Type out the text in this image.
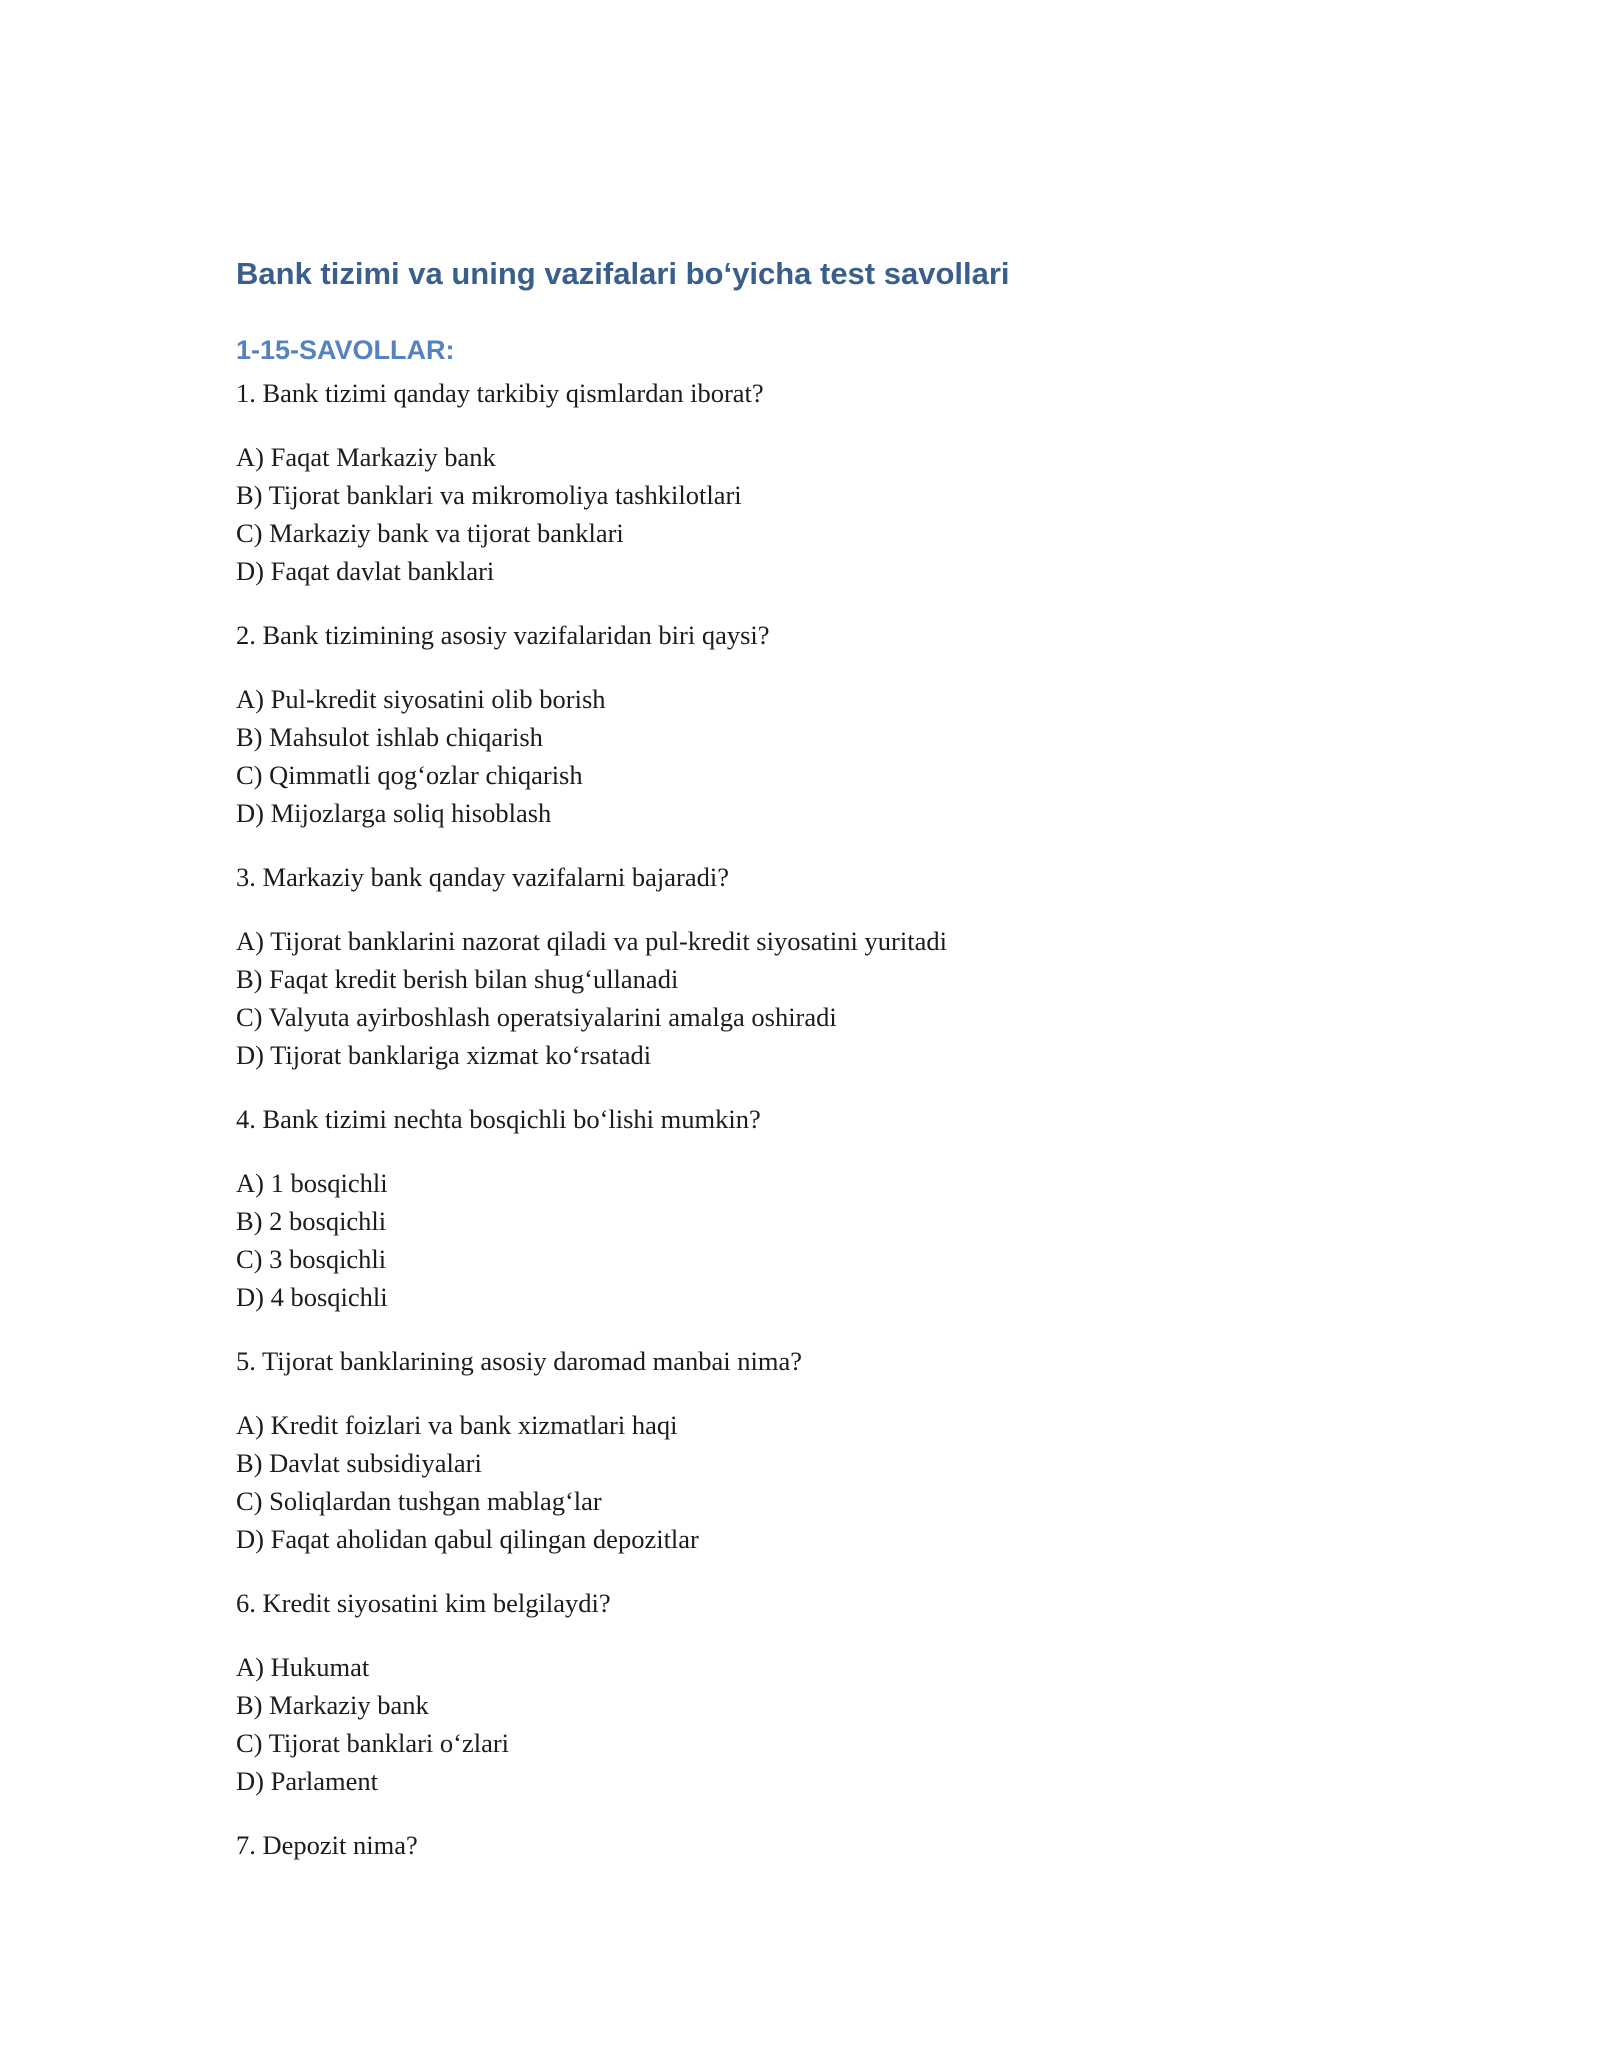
Bank tizimi va uning vazifalari bo‘yicha test savollari
1-15-SAVOLLAR:

1. Bank tizimi qanday tarkibiy qismlardan iborat?

A) Faqat Markaziy bank
B) Tijorat banklari va mikromoliya tashkilotlari
C) Markaziy bank va tijorat banklari
D) Faqat davlat banklari

2. Bank tizimining asosiy vazifalaridan biri qaysi?

A) Pul-kredit siyosatini olib borish
B) Mahsulot ishlab chiqarish
C) Qimmatli qog‘ozlar chiqarish
D) Mijozlarga soliq hisoblash

3. Markaziy bank qanday vazifalarni bajaradi?

A) Tijorat banklarini nazorat qiladi va pul-kredit siyosatini yuritadi
B) Faqat kredit berish bilan shug‘ullanadi
C) Valyuta ayirboshlash operatsiyalarini amalga oshiradi
D) Tijorat banklariga xizmat ko‘rsatadi

4. Bank tizimi nechta bosqichli bo‘lishi mumkin?

A) 1 bosqichli
B) 2 bosqichli
C) 3 bosqichli
D) 4 bosqichli

5. Tijorat banklarining asosiy daromad manbai nima?

A) Kredit foizlari va bank xizmatlari haqi
B) Davlat subsidiyalari
C) Soliqlardan tushgan mablag‘lar
D) Faqat aholidan qabul qilingan depozitlar

6. Kredit siyosatini kim belgilaydi?

A) Hukumat
B) Markaziy bank
C) Tijorat banklari o‘zlari
D) Parlament

7. Depozit nima?
